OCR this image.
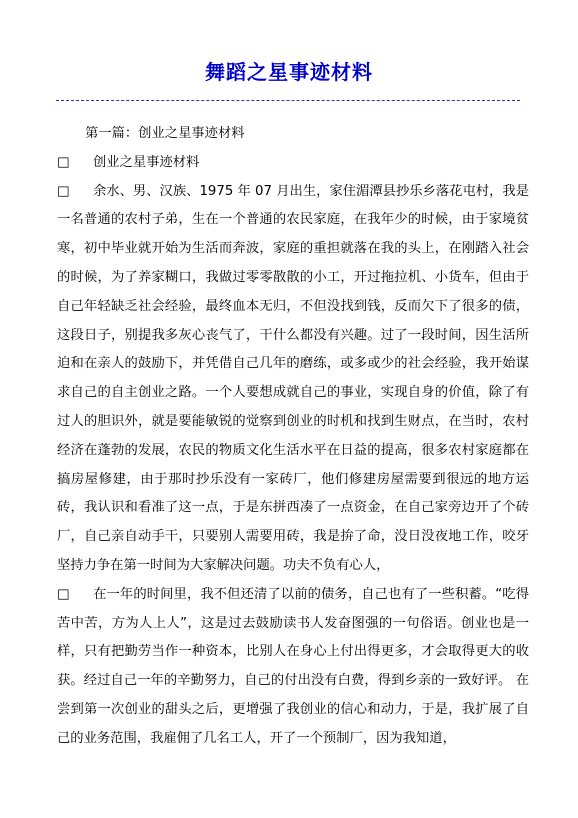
舞蹈之星事迹材料

第一篇：创业之星事迹材料

□ 创业之星事迹材料

□ 余水、男、汉族、1975 年 07 月出生，家住湄潭县抄乐乡落花屯村，我是一名普通的农村子弟，生在一个普通的农民家庭，在我年少的时候，由于家境贫寒，初中毕业就开始为生活而奔波，家庭的重担就落在我的头上，在刚踏入社会的时候，为了养家糊口，我做过零零散散的小工，开过拖拉机、小货车，但由于自己年轻缺乏社会经验，最终血本无归，不但没找到钱，反而欠下了很多的债，这段日子，别提我多灰心丧气了，干什么都没有兴趣。过了一段时间，因生活所迫和在亲人的鼓励下，并凭借自己几年的磨练，或多或少的社会经验，我开始谋求自己的自主创业之路。一个人要想成就自己的事业，实现自身的价值，除了有过人的胆识外，就是要能敏锐的觉察到创业的时机和找到生财点，在当时，农村经济在蓬勃的发展，农民的物质文化生活水平在日益的提高，很多农村家庭都在搞房屋修建，由于那时抄乐没有一家砖厂，他们修建房屋需要到很远的地方运砖，我认识和看准了这一点，于是东拼西凑了一点资金，在自己家旁边开了个砖厂，自己亲自动手干，只要别人需要用砖，我是拚了命，没日没夜地工作，咬牙坚持力争在第一时间为大家解决问题。功夫不负有心人，

□ 在一年的时间里，我不但还清了以前的债务，自己也有了一些积蓄。“吃得苦中苦，方为人上人”，这是过去鼓励读书人发奋图强的一句俗语。创业也是一样，只有把勤劳当作一种资本，比别人在身心上付出得更多，才会取得更大的收获。经过自己一年的辛勤努力，自己的付出没有白费，得到乡亲的一致好评。 在尝到第一次创业的甜头之后，更增强了我创业的信心和动力，于是，我扩展了自己的业务范围，我雇佣了几名工人，开了一个预制厂，因为我知道，
